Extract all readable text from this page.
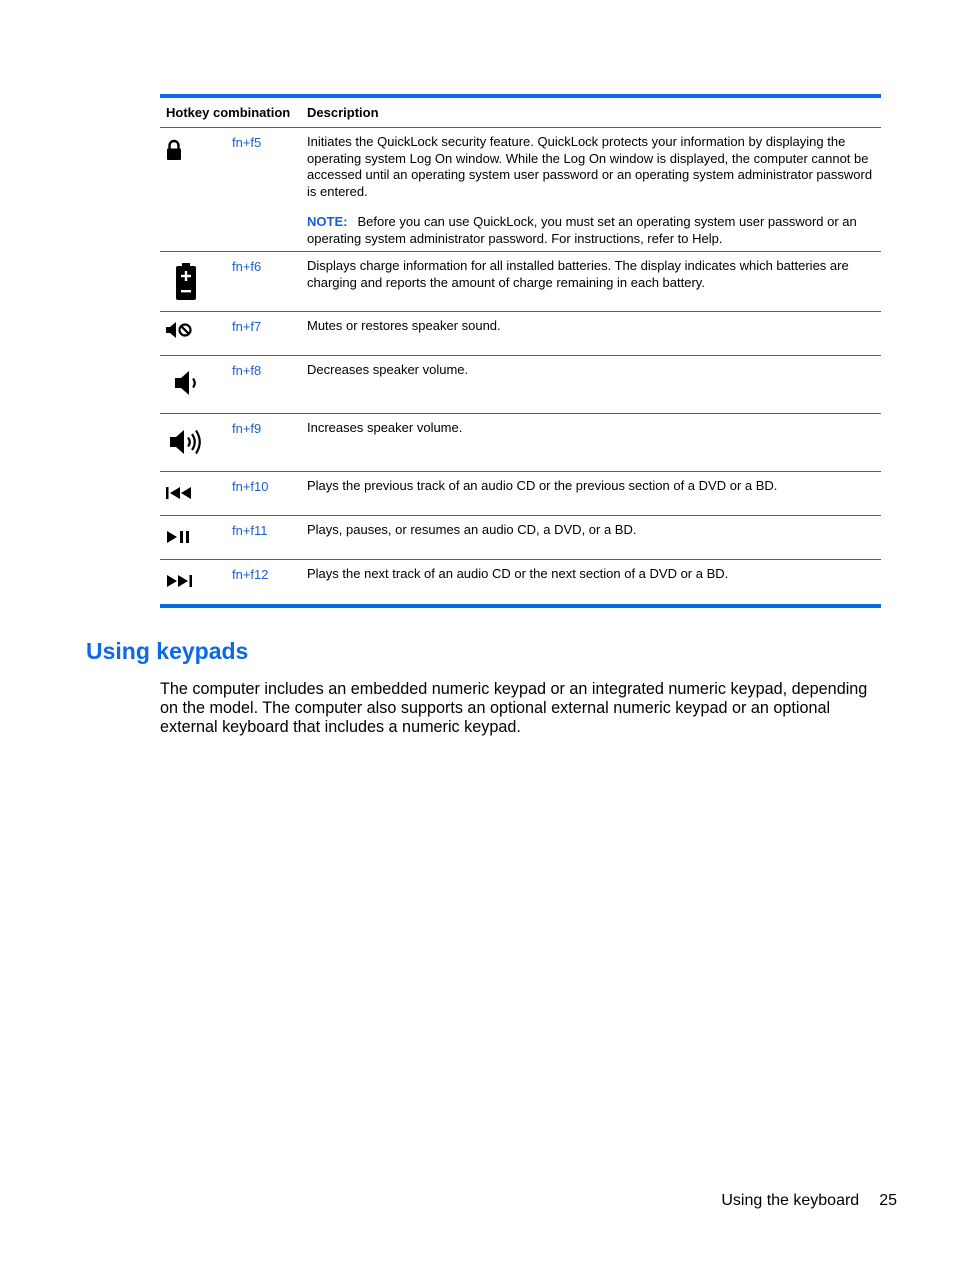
Hotkey combination	Description
fn+f5	Initiates the QuickLock security feature. QuickLock protects your information by displaying the operating system Log On window. While the Log On window is displayed, the computer cannot be accessed until an operating system user password or an operating system administrator password is entered.

NOTE: Before you can use QuickLock, you must set an operating system user password or an operating system administrator password. For instructions, refer to Help.

fn+f6	Displays charge information for all installed batteries. The display indicates which batteries are charging and reports the amount of charge remaining in each battery.

fn+f7	Mutes or restores speaker sound.

fn+f8	Decreases speaker volume.

fn+f9	Increases speaker volume.

fn+f10	Plays the previous track of an audio CD or the previous section of a DVD or a BD.

fn+f11	Plays, pauses, or resumes an audio CD, a DVD, or a BD.

fn+f12	Plays the next track of an audio CD or the next section of a DVD or a BD.

Using keypads

The computer includes an embedded numeric keypad or an integrated numeric keypad, depending on the model. The computer also supports an optional external numeric keypad or an optional external keyboard that includes a numeric keypad.

Using the keyboard 25
